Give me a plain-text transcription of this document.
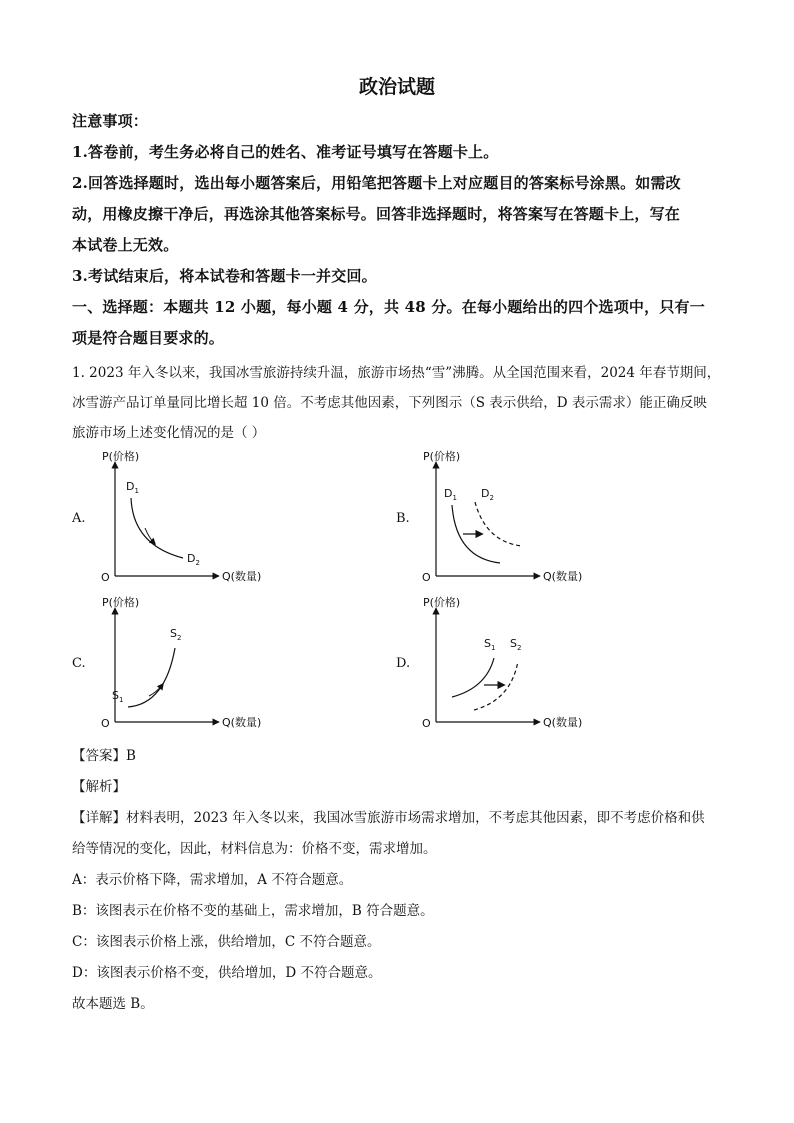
政治试题
注意事项：
1.答卷前，考生务必将自己的姓名、准考证号填写在答题卡上。
2.回答选择题时，选出每小题答案后，用铅笔把答题卡上对应题目的答案标号涂黑。如需改
动，用橡皮擦干净后，再选涂其他答案标号。回答非选择题时，将答案写在答题卡上，写在
本试卷上无效。
3.考试结束后，将本试卷和答题卡一并交回。
一、选择题：本题共 12 小题，每小题 4 分，共 48 分。在每小题给出的四个选项中，只有一
项是符合题目要求的。
1. 2023 年入冬以来，我国冰雪旅游持续升温，旅游市场热“雪”沸腾。从全国范围来看，2024 年春节期间，
冰雪游产品订单量同比增长超 10 倍。不考虑其他因素，下列图示（S 表示供给，D 表示需求）能正确反映
旅游市场上述变化情况的是（ ）
A.	B.
C.	D.
P(价格)
Q(数量)
O
$D_1$
$D_2$
P(价格)
Q(数量)
O
$D_1$ $D_2$
P(价格)
Q(数量)
O
$S_1$
$S_2$
P(价格)
Q(数量)
O
$S_1$ $S_2$
【答案】B
【解析】
【详解】材料表明，2023 年入冬以来，我国冰雪旅游市场需求增加，不考虑其他因素，即不考虑价格和供
给等情况的变化，因此，材料信息为：价格不变，需求增加。
A：表示价格下降，需求增加，A 不符合题意。
B：该图表示在价格不变的基础上，需求增加，B 符合题意。
C：该图表示价格上涨，供给增加，C 不符合题意。
D：该图表示价格不变，供给增加，D 不符合题意。
故本题选 B。
